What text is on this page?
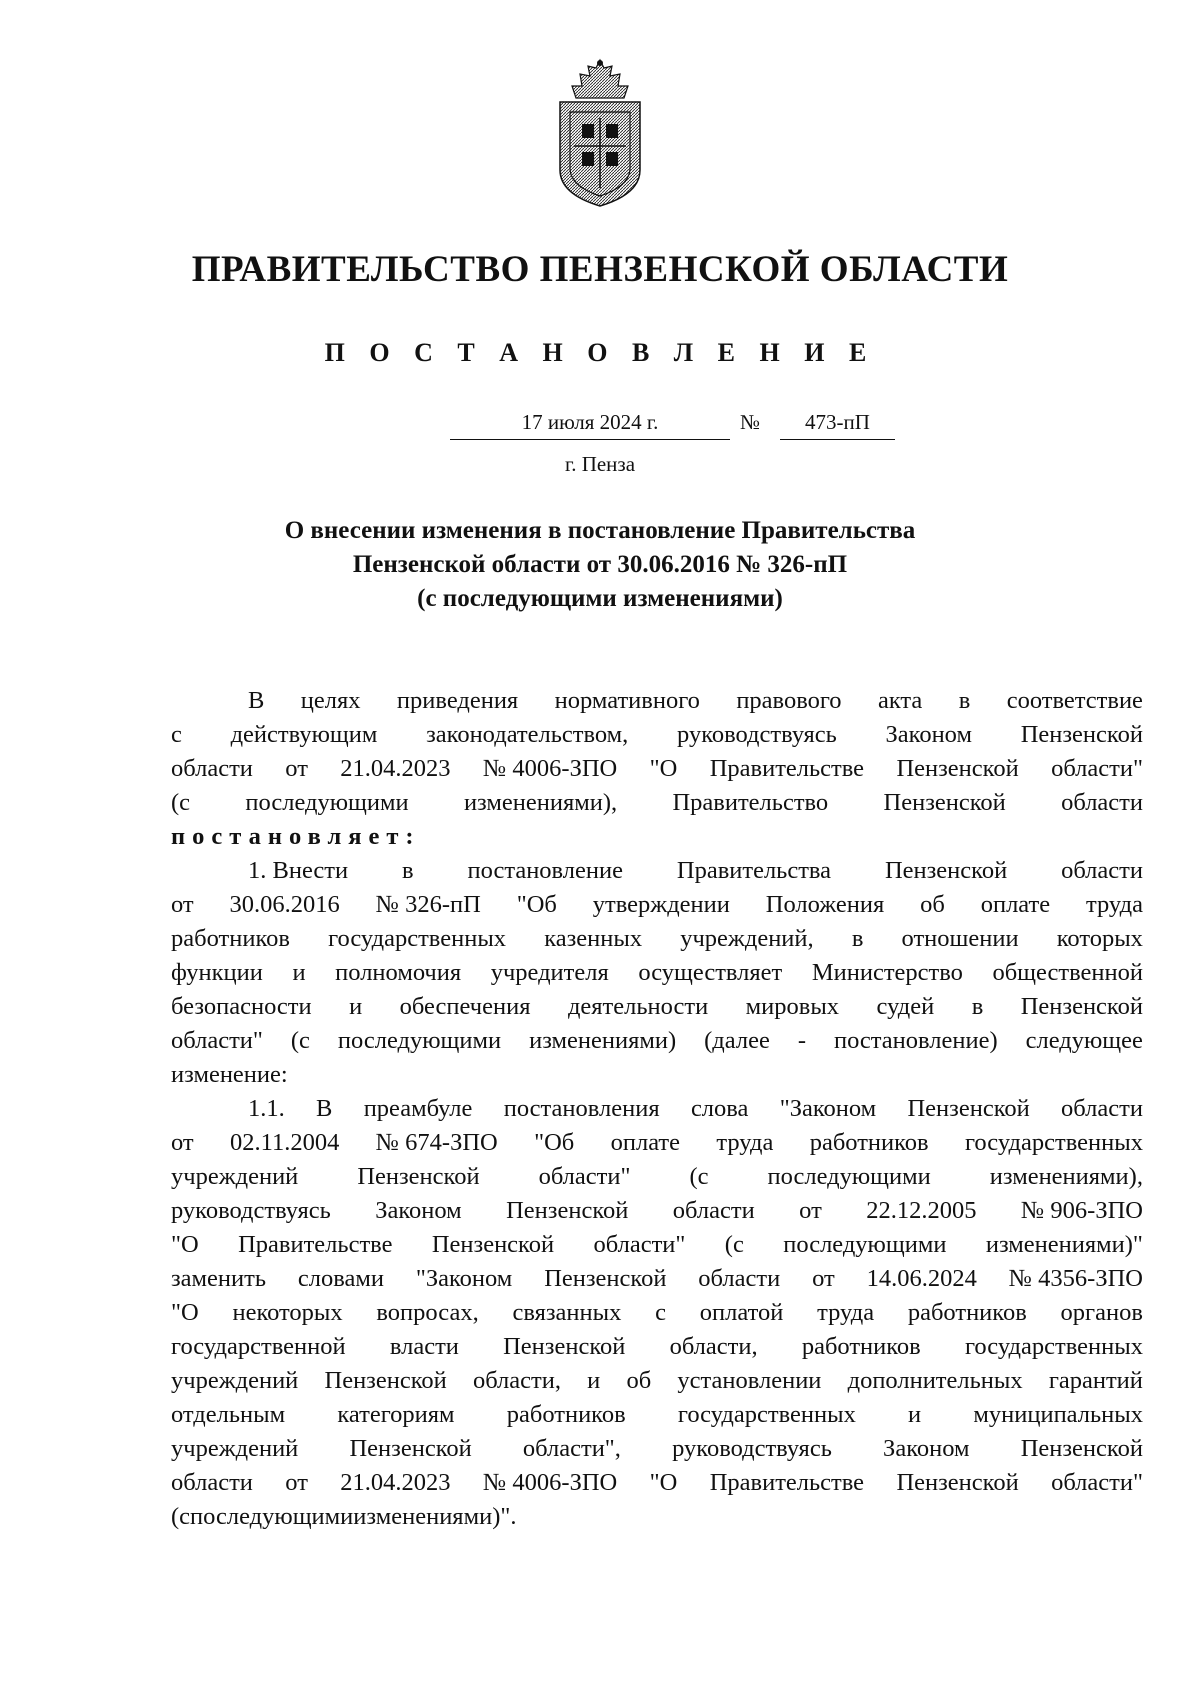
ПРАВИТЕЛЬСТВО ПЕНЗЕНСКОЙ ОБЛАСТИ
П О С Т А Н О В Л Е Н И Е
17 июля 2024 г.	№	473-пП
г. Пенза
О внесении изменения в постановление Правительства
Пензенской области от 30.06.2016 № 326-пП
(с последующими изменениями)
В целях приведения нормативного правового акта в соответствие
с действующим законодательством, руководствуясь Законом Пензенской
области от 21.04.2023 № 4006-ЗПО "О Правительстве Пензенской области"
(с последующими изменениями), Правительство Пензенской области
постановляет:
1. Внести в постановление Правительства Пензенской области
от 30.06.2016 № 326-пП "Об утверждении Положения об оплате труда
работников государственных казенных учреждений, в отношении которых
функции и полномочия учредителя осуществляет Министерство общественной
безопасности и обеспечения деятельности мировых судей в Пензенской
области" (с последующими изменениями) (далее - постановление) следующее
изменение:
1.1. В преамбуле постановления слова "Законом Пензенской области
от 02.11.2004 № 674-ЗПО "Об оплате труда работников государственных
учреждений Пензенской области" (с последующими изменениями),
руководствуясь Законом Пензенской области от 22.12.2005 № 906-ЗПО
"О Правительстве Пензенской области" (с последующими изменениями)"
заменить словами "Законом Пензенской области от 14.06.2024 № 4356-ЗПО
"О некоторых вопросах, связанных с оплатой труда работников органов
государственной власти Пензенской области, работников государственных
учреждений Пензенской области, и об установлении дополнительных гарантий
отдельным категориям работников государственных и муниципальных
учреждений Пензенской области", руководствуясь Законом Пензенской
области от 21.04.2023 № 4006-ЗПО "О Правительстве Пензенской области"
(с последующими изменениями)".
